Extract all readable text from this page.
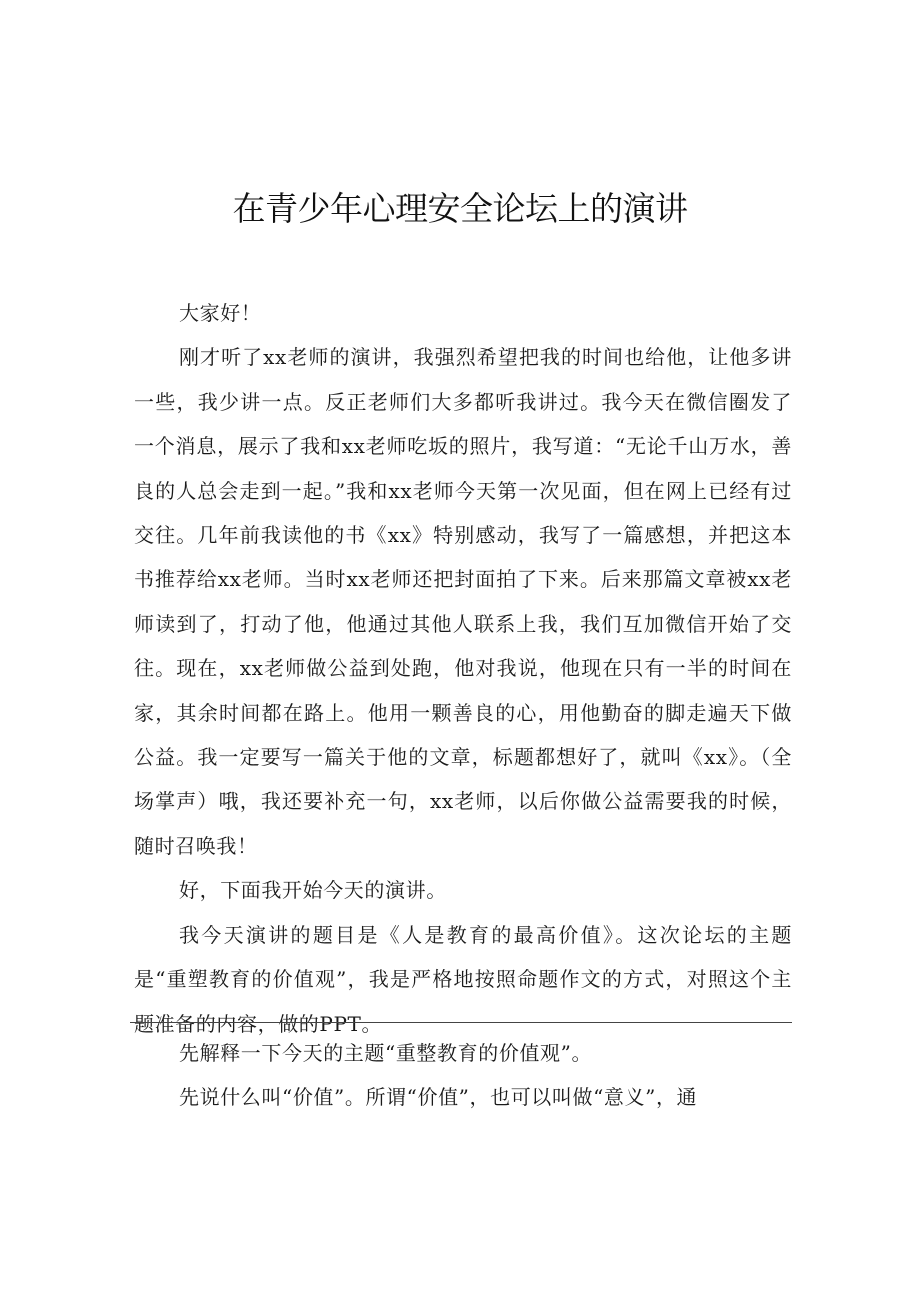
在青少年心理安全论坛上的演讲

大家好！

刚才听了xx老师的演讲，我强烈希望把我的时间也给他，让他多讲一些，我少讲一点。反正老师们大多都听我讲过。我今天在微信圈发了一个消息，展示了我和xx老师吃坂的照片，我写道：“无论千山万水，善良的人总会走到一起。”我和xx老师今天第一次见面，但在网上已经有过交往。几年前我读他的书《xx》特别感动，我写了一篇感想，并把这本书推荐给xx老师。当时xx老师还把封面拍了下来。后来那篇文章被xx老师读到了，打动了他，他通过其他人联系上我，我们互加微信开始了交往。现在，xx老师做公益到处跑，他对我说，他现在只有一半的时间在家，其余时间都在路上。他用一颗善良的心，用他勤奋的脚走遍天下做公益。我一定要写一篇关于他的文章，标题都想好了，就叫《xx》。（全场掌声）哦，我还要补充一句，xx老师，以后你做公益需要我的时候，随时召唤我！

好，下面我开始今天的演讲。

我今天演讲的题目是《人是教育的最高价值》。这次论坛的主题是“重塑教育的价值观”，我是严格地按照命题作文的方式，对照这个主题准备的内容，做的PPT。

先解释一下今天的主题“重整教育的价值观”。

先说什么叫“价值”。所谓“价值”，也可以叫做“意义”，通
